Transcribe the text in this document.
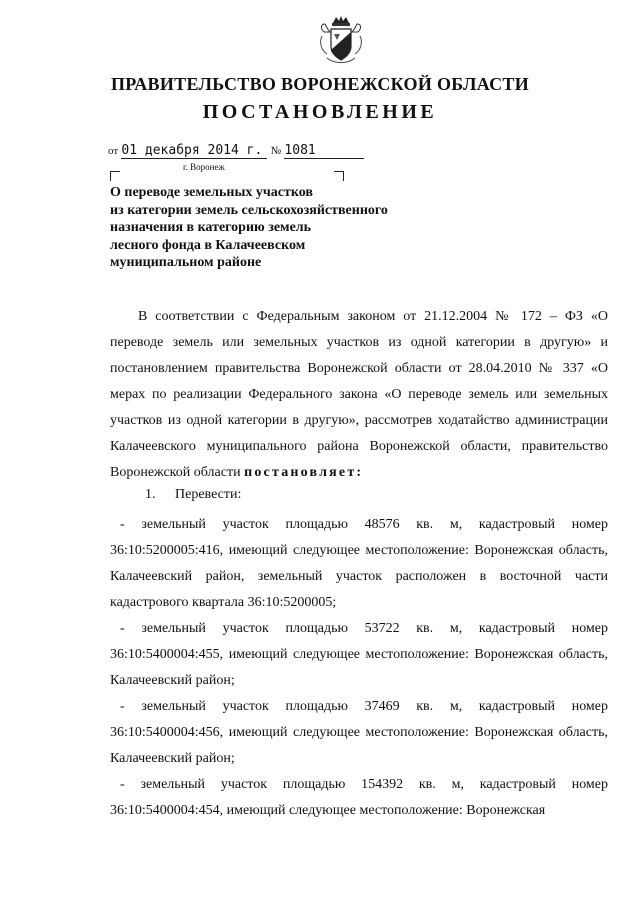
ПРАВИТЕЛЬСТВО ВОРОНЕЖСКОЙ ОБЛАСТИ
ПОСТАНОВЛЕНИЕ
от 01 декабря 2014 г. № 1081
г. Воронеж
О переводе земельных участков
из категории земель сельскохозяйственного
назначения в категорию земель
лесного фонда в Калачеевском
муниципальном районе
В соответствии с Федеральным законом от 21.12.2004 № 172 – ФЗ «О переводе земель или земельных участков из одной категории в другую» и постановлением правительства Воронежской области от 28.04.2010 № 337 «О мерах по реализации Федерального закона «О переводе земель или земельных участков из одной категории в другую», рассмотрев ходатайство администрации Калачеевского муниципального района Воронежской области, правительство Воронежской области постановляет:
1. Перевести:
- земельный участок площадью 48576 кв. м, кадастровый номер 36:10:5200005:416, имеющий следующее местоположение: Воронежская область, Калачеевский район, земельный участок расположен в восточной части кадастрового квартала 36:10:5200005;
- земельный участок площадью 53722 кв. м, кадастровый номер 36:10:5400004:455, имеющий следующее местоположение: Воронежская область, Калачеевский район;
- земельный участок площадью 37469 кв. м, кадастровый номер 36:10:5400004:456, имеющий следующее местоположение: Воронежская область, Калачеевский район;
- земельный участок площадью 154392 кв. м, кадастровый номер 36:10:5400004:454, имеющий следующее местоположение: Воронежская
